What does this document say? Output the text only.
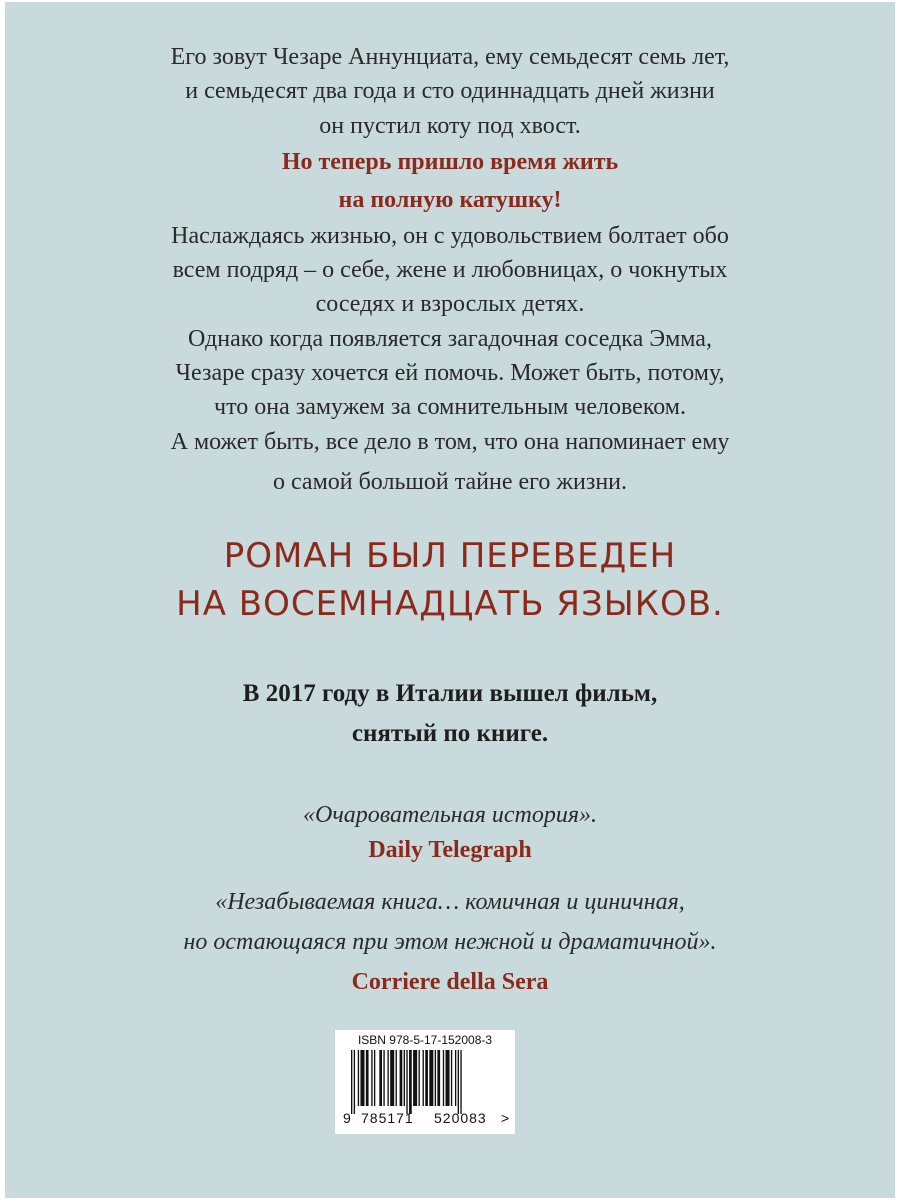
Его зовут Чезаре Аннунциата, ему семьдесят семь лет,
и семьдесят два года и сто одиннадцать дней жизни
он пустил коту под хвост.
Но теперь пришло время жить
на полную катушку!
Наслаждаясь жизнью, он с удовольствием болтает обо
всем подряд – о себе, жене и любовницах, о чокнутых
соседях и взрослых детях.
Однако когда появляется загадочная соседка Эмма,
Чезаре сразу хочется ей помочь. Может быть, потому,
что она замужем за сомнительным человеком.
А может быть, все дело в том, что она напоминает ему
о самой большой тайне его жизни.
РОМАН БЫЛ ПЕРЕВЕДЕН
НА ВОСЕМНАДЦАТЬ ЯЗЫКОВ.
В 2017 году в Италии вышел фильм,
снятый по книге.
«Очаровательная история».
Daily Telegraph
«Незабываемая книга… комичная и циничная,
но остающаяся при этом нежной и драматичной».
Corriere della Sera
ISBN 978-5-17-152008-3
9 785171 520083 >
